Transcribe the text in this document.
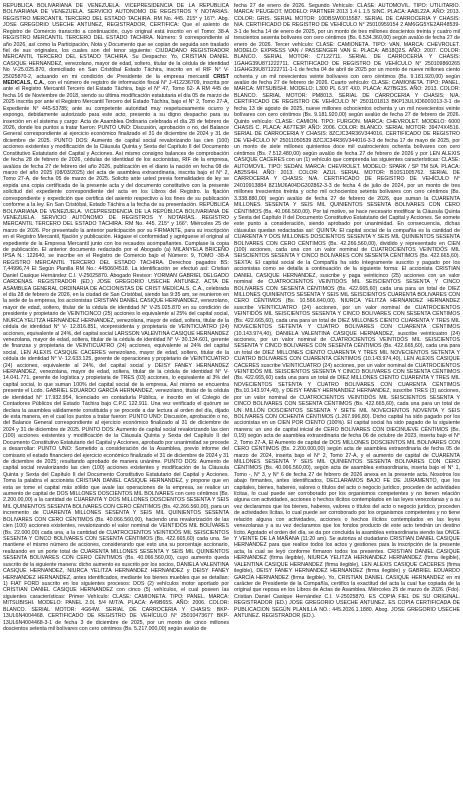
REPUBLICA BOLIVARIANA DE VENEZUELA. VICEPRESIDENCIA DE LA REPUBLICA BOLIVARIANA DE VENEZUELA. SERVICIO AUTONOMO DE REGISTROS Y NOTARIAS. REGISTRO MERCANTIL TERCERO DEL ESTADO TACHIRA. RM No. 445. 215° y 167°. Abg. JOSE GREGORIO USECHE ANTUNEZ, REGISTRADOR, CERTIFICA: Que el asiento de Registro de Comercio transcrito a continuación, cuyo original está inscrito en el Tomo: 38-A REGISTRO MERCANTIL TERCERO DEL ESTADO TACHIRA. Número: 9 correspondiente al año 2026, así como la Participación, Nota y Documento que se copian de seguida son traslado fiel de sus originales, los cuales son del tenor siguiente: CIUDADANO REGISTRADOR MERCANTIL TERCERO DEL ESTADO TACHIRA. Su Despacho: Yo, CRISTIAN DANIEL CASIQUE HERNANDEZ, venezolano, mayor de edad, soltero, titular de la cédula de identidad No V-25.025.870, domiciliado en San Cristóbal Estado Táchira, inscrito en el RIF N° V-25025870-2, actuando en mi condición de Presidente de la empresa mercantil CRIST MEDICALS, C.A., con el número de registro de información fiscal N° J-412236709, inscrita por ante el Registro Mercantil Tercero del Estado Táchira, bajo el N° 47, Tomo 62- A RM 445 de fecha 16 de Noviembre de 2018, siendo su última modificación estatutaria el día 05 de marzo de 2025 inscrita por ante el Registro Mercantil Tercero del Estado Táchira, bajo el N° 2, Tomo 27-A, Expediente N° 445-53785; ante su competente autoridad muy respetuosamente ocurro y expongo, debidamente autorizado para este acto, presento a su digno despacho para su inserción en el sistema y cargo: Acta de Asamblea Ordinaria celebrada el día 28 de febrero de 2026, donde los puntos a tratar fueron: PUNTO UNO: Discusión, aprobación o no, del Balance General correspondiente al ejercicio económico finalizado el 31 de diciembre de 2024 y 31 de diciembre de 2025. PUNTO DOS: Aumento de capital social revalorizando las cien (100) acciones existentes y modificación de la Cláusula Quinta y Sexta del Capítulo II del Documento Constitutivo Estatutario del Capital y Acciones. Así mismo consigno balances de comprobación de fecha 28 de febrero de 2026, cédulas de identidad de los accionistas, RIF de la empresa, avalúos de fecha 27 de febrero del año 2026, publicación en el diario la nación en fecha 08 de marzo del año 2025 (08/03/2025) del acta de asamblea extraordinaria, inscrita bajo el N° 2, Tomo 27-A, de fecha 05 de marzo de 2025. Solicito ante usted previa formalidades de ley se expida una copia certificada de la presente acta y del documento constitutivo con la presente solicitud del expediente correspondiente del acta en los Libros del Registro. la fijación correspondiente y expedición que certifica del asiento respectivo a los fines de su publicación conforme a la ley. En San Cristóbal, Estado Táchira a la fecha de su presentación. REPÚBLICA BOLIVARIANA DE VENEZUELA. VICEPRESIDENCIA DE LA REPÚBLICA BOLIVARIANA DE VENEZUELA. SERVICIO AUTÓNOMO DE REGISTROS Y NOTARÍAS. REGISTRO MERCANTIL TERCERO DEL ESTADO TÁCHIRA. RM No. 445. 215° y 166°. Miércoles 25 de marzo de 2026. Por presentado la anterior participación por su FIRMANTE, para su inscripción en el Registro Mercantil, fijación y publicación. Hágase el conformidad y agréguese el original al expediente de la Empresa Mercantil junto con los recaudos acompañantes. Cumplase la copia de publicación. El anterior documento redactado por el Abogado (a) MILANYELA BRICEÑO IPSA N.: 122640, se inscribe en el Registro de Comercio bajo el Número: 9, TOMO -38-A REGISTRO MERCANTIL TERCERO DEL ESTADO TACHIRA. Derechos pagados BS: 7,44996,74 El Según Planilla RM No.: 4450604518. La identificación se efectuó así: Cristian Daniel Casique Hernández C.I. V-25025870. Abogado Revisor: YORMAN GABRIEL DELGADO CARDENAS. REGISTRADOR (ED.) JOSE GREGORIO USECHE ANTUNEZ. ACTA DE ASAMBLEA GENERAL ORDINARIA DE ACCIONISTAS DE CRIST MEDICALS, C.A., celebrada el día 28 de febrero de 2026, en la ciudad de San Cristóbal, siendo las 9:35 am, se reunieron en la sede de la empresa, los accionistas CRISTIAN DANIEL CASIQUE HERNANDEZ, venezolano, mayor de edad, soltero, titular de la cédula de identidad N° V-25.025.870 en su condición de presidente y propietario de VEINTICINCO (25) acciones lo equivalente al 25% del capital social, NIURCA YELITZA HERNANDEZ HERNANDEZ, venezolana, mayor de edad, soltera, titular de la cédula de identidad N° V- 12.816.851, vicepresidenta y propietaria de VEINTICUATRO (24) acciones, equivalente al 24%, del capital social LARSSON VALENTINA CASIQUE HERNANDEZ venezolana, mayor de edad, soltera, titular de la cédula de identidad N° V- 30.134.601, gerente de finanzas y propietaria de VEINTICUATRO (24) acciones, equivalente al 24% del capital social, LEN ALEXIS CASIQUE CACERES venezolano, mayor de edad, soltero, titular de la cédula de identidad N° V- 12.633.125, gerente de operaciones y propietario de VEINTICUATRO (24) acciones, equivalente al 24%, del capital social y DEISY FANEY HERNANDEZ HERNANDEZ, venezolana, mayor de edad, soltera, titular de la cédula de identidad N° V- 14.041.771, gerente de logística y propietaria de TRES (03) acciones, lo equivalente al 3% del capital social, lo que suman 100% del capital social de la empresa. Así mismo se encuentra presente el Lcdo. GABRIEL EDUARDO GARCÍA HERNANDEZ, venezolano, titular de la cédula de identidad N° 17.932.954, licenciado en contaduría Pública, e inscrito en el Colegio de Contadores Públicos del Estado Táchira bajo C.P.C 122.911. Una vez verificado el quórum se declara la asamblea válidamente constituida y se procede a dar lectura al orden del día, dijado de esta manera, en el cual los puntos a tratar fueron: PUNTO UNO: Discusión, aprobación o no, del Balance General correspondiente al ejercicio económico finalizado al 31 de diciembre de 2024 y 31 de diciembre de 2025. PUNTO DOS: Aumento de capital social revalorizando las cien (100) acciones existentes y modificación de la Cláusula Quinta y Sexta del Capítulo II del Documento Constitutivo Estatutario del Capital y Acciones, aprobado por unanimidad se procede a desarrollar: PUNTO UNO: Sometido a consideración de la Asamblea, previo informe del comisario el estado financiero del ejercicio económico finalizado el 31 de diciembre de 2024 y 31 de diciembre de 2025; resultando aprobado de manera unánime. PUNTO DOS: Aumento de capital social revalorizando las cien (100) acciones existentes y modificación de la Cláusula Quinta y Sexta del Capítulo II del Documento Constitutivo Estatutario del Capital y Acciones. Toma la palabra el accionista CRISTIAN DANIEL CASIQUE HERNANDEZ, y propone que en esta se tome el capital más sólido que avale las operaciones de la empresa, se realice un aumento de capital de DOS MILLONES DOSCIENTOS MIL BOLIVARES con cero céntimos (Bs. 2.200.00,00) a la cantidad de CUARENTA Y DOS MILLONES DOSCIENTOS SESENTA Y SEIS MIL QUINIENTOS SESENTA BOLIVARES CON CERO CÉNTIMOS (Bs. 42.266.560,00), para un incremento de CUARENTA MILLONES SESENTA Y SEIS MIL QUINIENTOS SESENTA BOLIVARES CON CERO CÉNTIMOS (Bs. 40.066.560,00), haciendo una revalorización de las cien (100) acciones existentes, revalorizando el valor nominal de VEINTIDÓS MIL BOLÍVARES (Bs. 22.000,00) cada una, a la cantidad de CUATROCIENTOS VEINTIDÓS MIL SEISCIENTOS SESENTA Y CINCO BOLÍVARES CON SESENTA CÉNTIMOS (Bs. 422.665,60) cada una. Se mantiene el mismo número de acciones, considerando que esto una su porcentaje accionario, realizando en un porte total de CUARENTA MILLONES SESENTA Y SEIS MIL QUINIENTOS SESENTA BOLIVARES CON CERO CÉNTIMOS (Bs. 40.066.560,00), cuyo aumento queda suscrito de la siguiente manera: dicho aumento es suscrito por los socios, DANIELA VALENTINA CASIQUE HERNANDEZ, NIURCA YELITZA HERNANDEZ HERNANDEZ y DEISY FANEY HERNANDEZ HERNANDEZ, antes identificados, mediante los bienes muebles que se detallan: 1) FIAT FORD suscrito en los siguientes procesos: DOS (2) vehículos motor aportado por CRISTIAN DANIEL CASIQUE HERNANDEZ con cinco (5) vehículos, el cual poseen las siguientes características: Primer Vehículo: CLASE: CAMIONETA. TIPO: PANEL. MARCA: MITSUBISHI. MODELO: PANEL 2.0L 5/4 M/T/A. PLACA: A49B65S. AÑO: 2006. COLOR: BLANCO. SERIAL MOTOR: 4G64W. SERIAL DE CARROCERIA Y CHASIS: BKP-13UL6N4004468. CERTIFICADO DE REGISTRO DE VEHÍCULO N° 25010473677 BKP-13UL6N4004468-3-1 de fecha 3 de diciembre de 2025, por un monto de cinco millones doscientos setenta mil bolívares con cero céntimos (Bs. 5.217.000,00) según avalúo de

fecha 27 de enero de 2026. Segundo Vehículo: CLASE: AUTOMOVIL. TIPO: UTILITARIO. MARCA: PEUGEOT. MODELO: PARTNER 2013 1.4 L 1.5 SINC. PLACA: AA8L22A. AÑO: 2013. COLOR: GRIS. SERIAL MOTOR: 10DBSW0015587. SERIAL DE CARROCERIA Y CHASIS: N/A. CERTIFICADO DE REGISTRO DE VEHÍCULO N° 25010959154 2 AM6GG5YE2AR48539-3-1 de fecha 14 de enero de 2025, por un monto de tres millones doscientos treinta y cuatro mil trescientos sesenta bolívares con cero céntimos (Bs. 6.534.360,00) según avalúo de fecha 27 de enero de 2026. Tercer vehículo: CLASE: CAMIONETA. TIPO: VAN. MARCA: CHEVROLET. MODELO: EXPRESS VAN / PASSENGER VAN E. PLACA: AB18Q2S. AÑO: 2007. COLOR: BLANCO. SERIAL MOTOR: C7122711. SERIAL DE CARROCERÍA Y CHASIS: 1GAHG39U871222711. CERTIFICADO DE REGISTRO DE VEHÍCULO N° 250109860265 1GAHG39U871222711-1-1 de fecha 04 de abril de 2025 por un monto de nueve millones ciento ochenta y un mil novecientos veinte bolívares con cero céntimos (Bs. 9.181.920,00) según avalúo de fecha 27 de febrero de 2026. Cuarto vehículo: CLASE: CAMIONETA. TIPO: PANEL. MARCA: MITSUBISHI. MODELO: L300 PL 6.9T 4X0. PLACA: A27BG3S. AÑO: 2013. COLOR: BLANCO. SERIAL MOTOR: PM8013. SERIAL DE CARROCERIA Y CHASIS: N/A. CERTIFICADO DE REGISTRO DE VEHÍCULO N° 2501101813 BKP13ULXD6001013-3-1 de fecha 13 de agosto de 2025, nueve millones ochocientos ochenta y un mil novecientos veinte bolívares con cero céntimos (Bs. 9.181.920,00) según avalúo de fecha 27 de febrero de 2026. Quinto vehículo: CLASE: CAMION. TIPO: FURGON. MARCA: CHEVROLET. MODELO: 6000 CHASIS C. PLACA: A67TE3P. AÑO: 2006. COLOR: BLANCO. SERIAL MOTOR: 39474X4516. SERIAL DE CARROCERIA Y CHASIS: 8ZCJC34R36V344016. CERTIFICADO DE REGISTRO DE VEHÍCULO N° 25011050539 8ZCJC34R36V344016-3-3 de fecha 17 de mayo de 2025, por un monto de siete millones quinientos doce mil cuatrocientos ochenta bolívares con cero céntimos (Bs. 7.512.480,00) según avalúo de fecha 27 de febrero de 2026 y por LEN ALEXIS CASIQUE CACERES con un (1) vehículo que comprenda las siguientes características: CLASE: AUTOMOVIL. TIPO: SEDAN. MARCA: CHEVROLET. MODELO: SPARK / SP TM 5/A. PLACA: AB25S4H. AÑO: 2013. COLOR: AZUL SERIAL MOTOR: B10S1005762. SERIAL DE CARROCERIA Y CHASIS: N/A. CERTIFICADO DE REGISTRO DE VEHÍCULO N° 24010913884 8Z1MJ6A04DG302862-3-3 de fecha 4 de julio de 2024, por un monto de tres millones trescientos treinta y ocho mil ochocientos setenta bolívares con cero céntimos (Bs. 3.338.880,00) según avalúo de fecha 27 de febrero de 2026, que suman la CUARENTA MILLONES SESENTA Y SEIS MIL QUINIENTOS SESENTA BOLIVARES CON CERO CÉNTIMOS (Bs. 40.066.560,00). Por tal motivo, se hace necesario modificar la Cláusula Quinta y Sexta del Capítulo II del Documento Constitutivo Estatutario del Capital y Acciones. Se somete este punto a consideración, siendo aprobado por unanimidad. En consecuencia, dichas cláusulas quedan redactadas así: QUINTA: El capital social de la compañía es la cantidad de CUARENTA Y DOS MILLONES DOSCIENTOS SESENTA Y SEIS MIL QUINIENTOS SESENTA BOLIVARES CON CERO CÉNTIMOS (Bs. 42.266.560,00), dividido y representado en CIEN (100) acciones, cada una con un valor nominal de CUATROCIENTOS VEINTIDÓS MIL SEISCIENTOS SESENTA Y CINCO BOLIVARES CON SESENTA CÉNTIMOS (Bs. 422.665,60). SEXTA: El capital social de la Compañía ha sido íntegramente suscrito y pagado por los accionistas como se detalla a continuación de la siguiente forma: El accionista CRISTIAN DANIEL CASIQUE HERNANDEZ, suscribe y paga veinticinco (25) acciones con un valor nominal de CUATROCIENTOS VEINTIDÓS MIL SEISCIENTOS SESENTA Y CINCO BOLIVARES CON SESENTA CÉNTIMOS (Bs. 422.665,60) cada una para un total de DIEZ MILLONES QUINIENTOS SESENTA Y SEIS MIL SEISCIENTOS CUARENTA BOLIVARES CON CERO CÉNTIMOS (Bs. 10.566.640,00). NIURCA YELITZA HERNANDEZ HERNANDEZ suscribe VEINTICUATRO (24) acciones, por un valor nominal de CUATROCIENTOS VEINTIDÓS MIL SEISCIENTOS SESENTA Y CINCO BOLIVARES CON SESENTA CÉNTIMOS (Bs. 422.665,60), cada una para un total de DIEZ MILLONES CIENTO CUARENTA Y TRES MIL NOVECIENTOS SETENTA Y CUATRO BOLIVARES CON CUARENTA CÉNTIMOS (10.143.974,40), DANIELA VALENTINA CASIQUE HERNANDEZ, suscribe veinticuatro (24) acciones, por un valor nominal de CUATROCIENTOS VEINTIDÓS MIL SEISCIENTOS SESENTA Y CINCO BOLIVARES CON SESENTA CÉNTIMOS (Bs. 422.665,60), cada una para un total de DIEZ MILLONES CIENTO CUARENTA Y TRES MIL NOVECIENTOS SETENTA Y CUATRO BOLIVARES CON CUARENTA CÉNTIMOS (10.143.974,40), LEN ALEXIS CASIQUE CACERES suscribe VEINTICUATRO (24) acciones, por un valor nominal de CUATROCIENTOS VEINTIDÓS MIL SEISCIENTOS SESENTA Y CINCO BOLIVARES CON SESENTA CÉNTIMOS (Bs. 422.665,60) cada una para un total de DIEZ MILLONES CIENTO CUARENTA Y TRES MIL NOVECIENTOS SETENTA Y CUATRO BOLIVARES CON CUARENTA CÉNTIMOS (Bs.10.143.974,40), y DEISY FANEY HERNANDEZ HERNANDEZ, suscribe TRES (3) acciones, por un valor nominal de CUATROCIENTOS VEINTIDÓS MIL SEISCIENTOS SESENTA Y CINCO BOLIVARES CON SESENTA CÉNTIMOS (Bs. 422.665,60), cada una para un total de UN MILLÓN DOSCIENTOS SESENTA Y SIETE MIL NOVECIENTOS NOVENTA Y SEIS BOLIVARES CON OCHENTA CÉNTIMOS (1.267.996,80). Dicho capital ha sido pagado por los accionistas en un CIEN POR CIENTO (100%). El capital social ha sido pagado de la siguiente manera: un uno de capital inicial de CERO BOLIVARES CON DIECINUEVE CÉNTIMOS (Bs. 0,19) según acta de asamblea extraordinaria de fecha 06 de octubre de 2023, inserta bajo el N° 2, Tomo 27-A, El Aumento de capital de DOS MILLONES DOSCIENTOS MIL BOLIVARES CON CERO CÉNTIMOS (Bs. 2.200.000,00) según acta de asamblea extraordinaria de fecha 05 de marzo de 2024, inserta bajo el N° 2, Tomo 27-A, y el aumento de capital de CUARENTA MILLONES SESENTA Y SEIS MIL QUINIENTOS SESENTA BOLIVARES CON CERO CÉNTIMOS (Bs. 40.066.560,00), según acta de asamblea extraordinaria, inserta bajo el N° 1, Tomo -, N° 3, y N° 6 de fecha 27 de febrero de 2026 anexa en la presente acta. Nosotros los abajo firmantes, antes identificados, DECLARAMOS BAJO FE DE JURAMENTO, que los capitales, bienes, haberes, valores o títulos del acto o negocio jurídico, proceden de actividades lícitas, lo cual puede ser corroborado por los organismos competentes y no tienen relación alguna con actividades, acciones o hechos ilícitos contemplados en las leyes venezolanas y a su vez declaramos que los bienes, haberes, valores o títulos del acto o negocio jurídico, proceden de actividades lícitas, lo cual puede ser corroborado por los organismos competentes y no tiene relación alguna con actividades, acciones o hechos ilícitos contemplados en las leyes venezolanas y a su vez declaramos que los fondos producto de este acto tendrán un destino lícito. Agotado el orden del día, se da por concluida la asamblea extraordinaria siendo las ONCE Y VEINTE DE LA MAÑANA (11:20 am). Se autoriza al ciudadano CRISTIAN DANIEL CASIQUE HERNANDEZ para que realice todos los actos y gestiones para la inscripción de la presente acta, la cual se leyó conforme firmaron todos los presentes. CRISTIAN DANIEL CASIQUE HERNANDEZ (firma ilegible), NIURCA YELITZA HERNANDEZ HERNANDEZ (firma ilegible), VALENTINA CASIQUE HERNANDEZ (firma ilegible), LEN ALEXIS CASIQUE CACERES (firma ilegible), DEISY FANEY HERNANDEZ HERNANDEZ (firma ilegible) y GABRIEL EDUARDO GARCÍA HERNANDEZ (firma ilegible). Yo, CRISTIAN DANIEL CASIQUE HERNANDEZ en mi carácter de Presidente de la Compañía, certifico la exactitud del acta la cual fue copiada de la original que reposa en los Libros de Actas de Asamblea. Miércoles 25 de marzo de 2026. (Fdo). Cristian Daniel Casique Hernández C.I. V-25025870. ES COPIA FIEL DE SU ORIGINAL. REGISTRADOR (ED.) JOSE GREGORIO USECHE ANTUNEZ. ES COPIA CERTIFICADA DE PUBLICACION SEGÚN PLANILLA NO.: 445.2026.1.1880. Abog. JOSE GREGORIO USECHE ANTUNEZ. REGISTRADOR (ED.).
